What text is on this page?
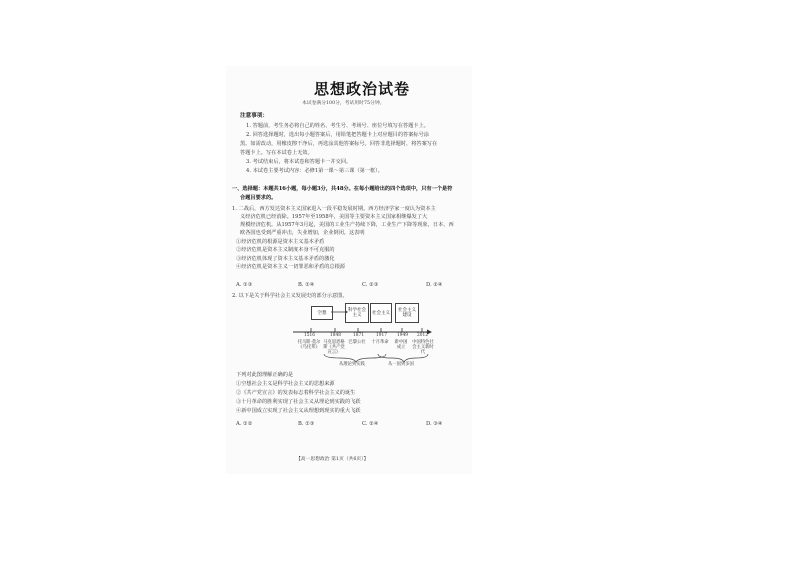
思想政治试卷
本试卷满分100分，考试用时75分钟。
注意事项：
1. 答题前，考生务必将自己的姓名、考生号、考场号、座位号填写在答题卡上。
2. 回答选择题时，选出每小题答案后，用铅笔把答题卡上对应题目的答案标号涂
黑。如需改动，用橡皮擦干净后，再选涂其他答案标号。回答非选择题时，将答案写在
答题卡上。写在本试卷上无效。
3. 考试结束后，将本试卷和答题卡一并交回。
4. 本试卷主要考试内容：必修1第一课～第三课（第一框）。
一、选择题：本题共16小题，每小题3分，共48分。在每小题给出的四个选项中，只有一个是符
合题目要求的。
1. 二战后，西方发达资本主义国家进入一段平稳发展时期。西方经济学家一度认为资本主
义经济危机已经消除。1957年至1958年，美国等主要资本主义国家相继爆发了大
规模经济危机。从1957年3月起，美国的工业生产持续下降，工业生产下降等现象，日本、西
欧各国也受到严重冲击，失业增加，企业倒闭。这表明
①经济危机的根源是资本主义基本矛盾
②经济危机是资本主义制度本身不可克服的
③经济危机体现了资本主义基本矛盾的激化
④经济危机是资本主义一切罪恶和矛盾的总根源
A. ①③	B. ①④	C. ②③	D. ②④
2. 以下是关于科学社会主义发展史的部分示意图。
空想	科学社会主义	社会主义	社会主义建设
1516	1848	1871	1917 1949 2012
托马斯·莫尔《乌托邦》
马克思恩格斯《共产党宣言》
巴黎公社 十月革命	新中国成立
中国特色社会主义新时代
从理论到实践	从一国到多国
下列对此图理解正确的是
①空想社会主义是科学社会主义的思想来源
②《共产党宣言》的发表标志着科学社会主义的诞生
③十月革命的胜利实现了社会主义从理论到实践的飞跃
④新中国成立实现了社会主义从理想到现实的重大飞跃
A. ①②	B. ①③	C. ②④	D. ③④
【高一思想政治 第1页（共6页）】
